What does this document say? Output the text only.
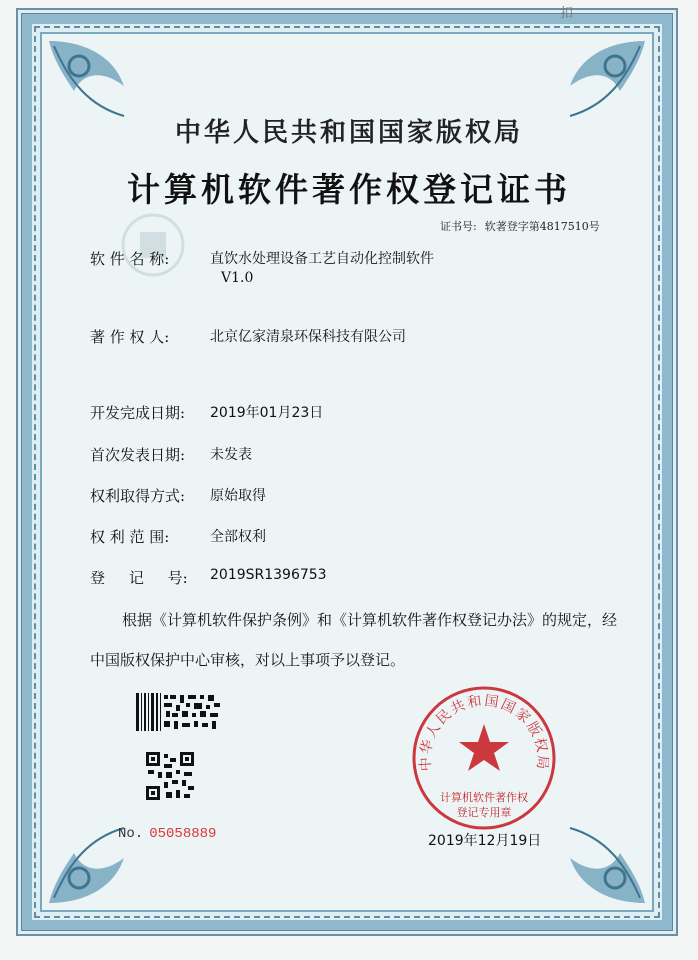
扣
中华人民共和国国家版权局
计算机软件著作权登记证书
证书号: 软著登字第4817510号
软 件 名 称:	直饮水处理设备工艺自动化控制软件
V1.0
著 作 权 人:	北京亿家清泉环保科技有限公司
开发完成日期: 2019年01月23日
首次发表日期: 未发表
权利取得方式: 原始取得
权 利 范 围:	全部权利
登     记     号: 2019SR1396753
根据《计算机软件保护条例》和《计算机软件著作权登记办法》的规定，经中国版权保护中心审核，对以上事项予以登记。
No. 05058889	2019年12月19日
中华人民共和国国家版权局
计算机软件著作权
登记专用章
